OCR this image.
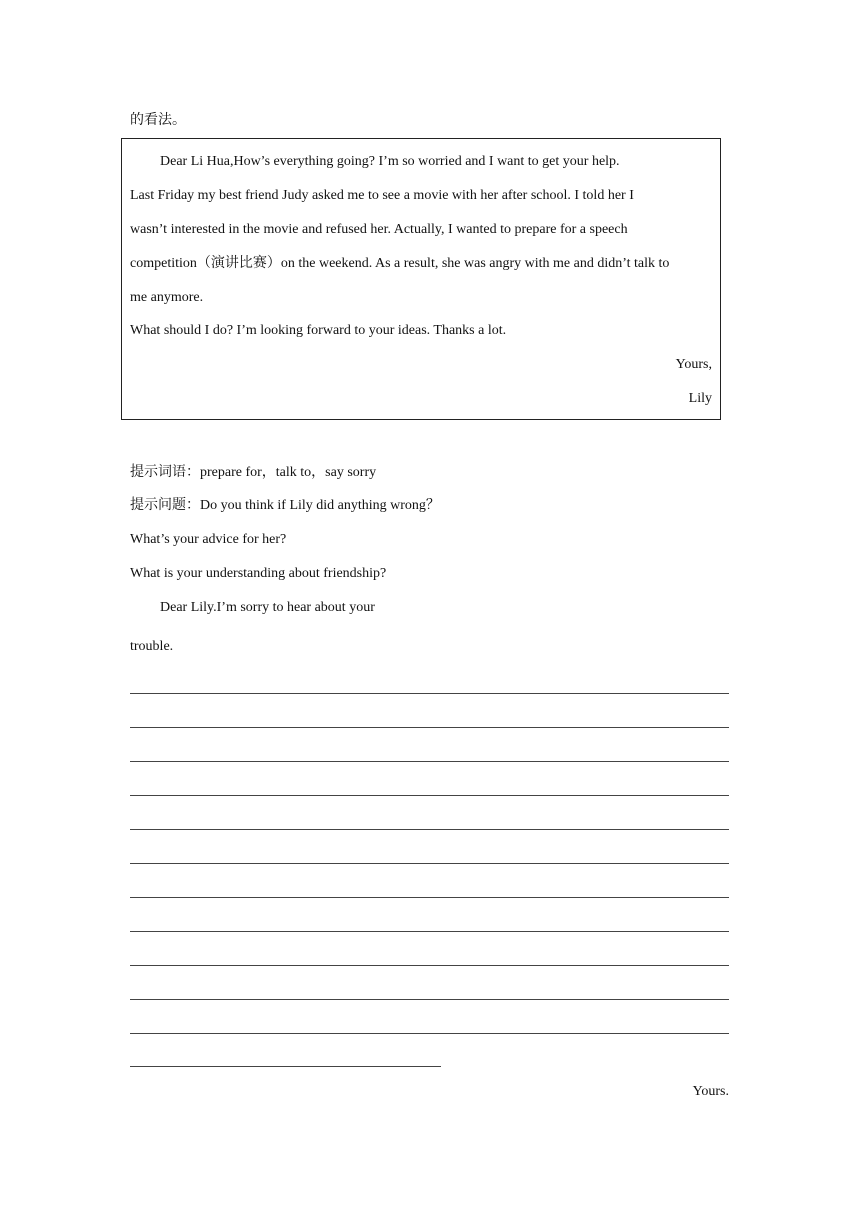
的看法。
Dear Li Hua,How’s everything going? I’m so worried and I want to get your help.
Last Friday my best friend Judy asked me to see a movie with her after school. I told her I
wasn’t interested in the movie and refused her. Actually, I wanted to prepare for a speech
competition（演讲比赛）on the weekend. As a result, she was angry with me and didn’t talk to
me anymore.
What should I do? I’m looking forward to your ideas. Thanks a lot.
Yours,
Lily
提示词语：prepare for，talk to，say sorry
提示问题：Do you think if Lily did anything wrong？
What’s your advice for her?
What is your understanding about friendship?
Dear Lily.I’m sorry to hear about your
trouble.
Yours.
